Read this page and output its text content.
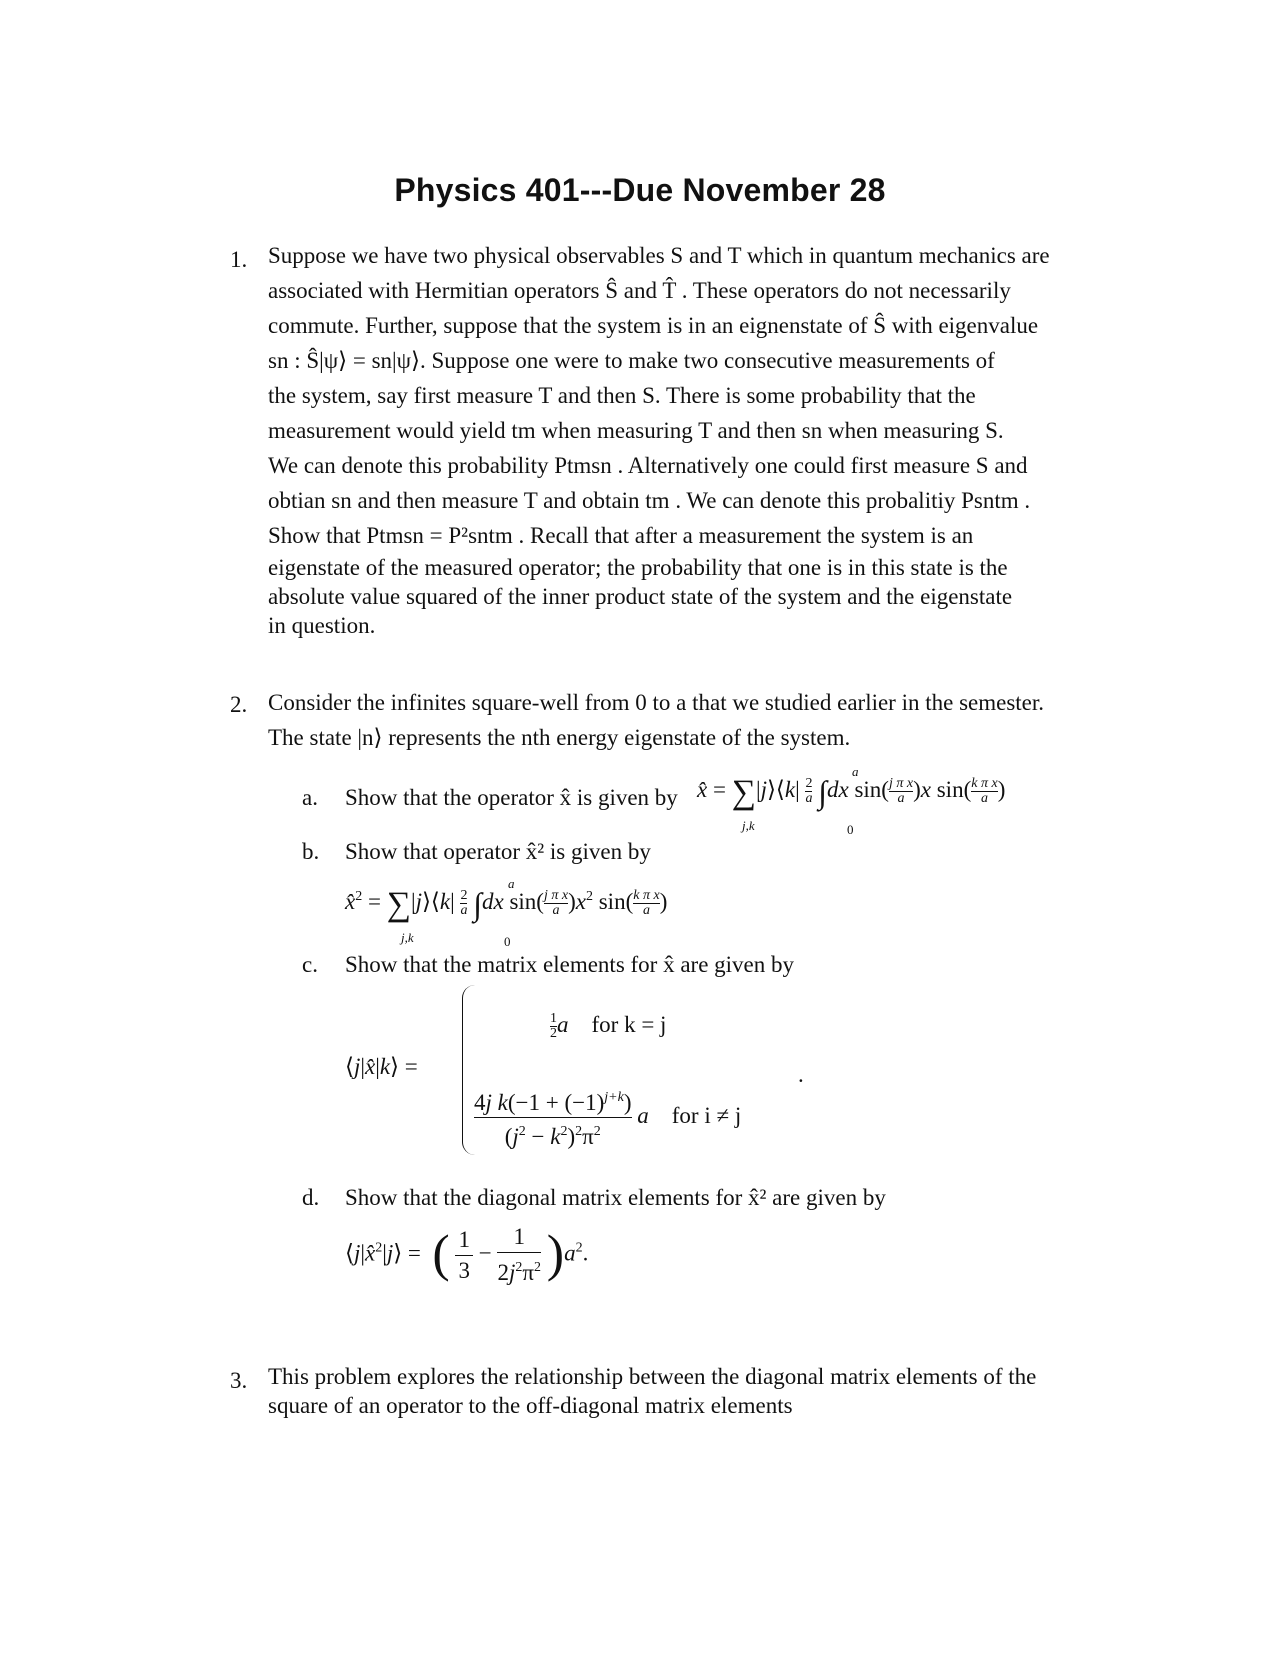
Physics 401---Due November 28
1. Suppose we have two physical observables S and T which in quantum mechanics are

associated with Hermitian operators Ŝ and T̂ . These operators do not necessarily

commute. Further, suppose that the system is in an eignenstate of Ŝ with eigenvalue

sn : Ŝ|ψ⟩ = sn|ψ⟩. Suppose one were to make two consecutive measurements of

the system, say first measure T and then S. There is some probability that the

measurement would yield tm when measuring T and then sn when measuring S.

We can denote this probability Ptmsn . Alternatively one could first measure S and

obtian sn and then measure T and obtain tm . We can denote this probalitiy Psntm .

Show that Ptmsn = P²sntm . Recall that after a measurement the system is an

eigenstate of the measured operator; the probability that one is in this state is the

absolute value squared of the inner product state of the system and the eigenstate

in question.

2. Consider the infinites square-well from 0 to a that we studied earlier in the semester.

The state |n⟩ represents the nth energy eigenstate of the system.

a. Show that the operator x̂ is given by x̂ = ∑|j⟩⟨k| $\frac{2}{a} \int dx$ $\sin( \frac{\text{j π x}}{a} )x$ $\sin( \frac{\text{k π x}}{a}$ )
a
0
j,k
b. Show that operator x̂² is given by
x̂$^2$ = ∑|j⟩⟨k| $\frac{2}{a} \int dx$ $\sin( \frac{\text{j π x}}{a} )x^2$ $\sin( \frac{\text{k π x}}{a}$ )
a
0
j,k
c. Show that the matrix elements for x̂ are given by
⟨j|x̂|k⟩ =
$\frac{1}{2}$ a for k = j
$\frac{4j k(-1 + (-1)^{j+k})}{(j^2 - k^2)^2\pi^2}$ a for i ≠ j
.
d. Show that the diagonal matrix elements for x̂² are given by
⟨j|x̂$^2$|j⟩ =  ( $\frac{1}{3} - \frac{1}{2j^2\pi^2} )a^2$.
3. This problem explores the relationship between the diagonal matrix elements of the

square of an operator to the off-diagonal matrix elements
